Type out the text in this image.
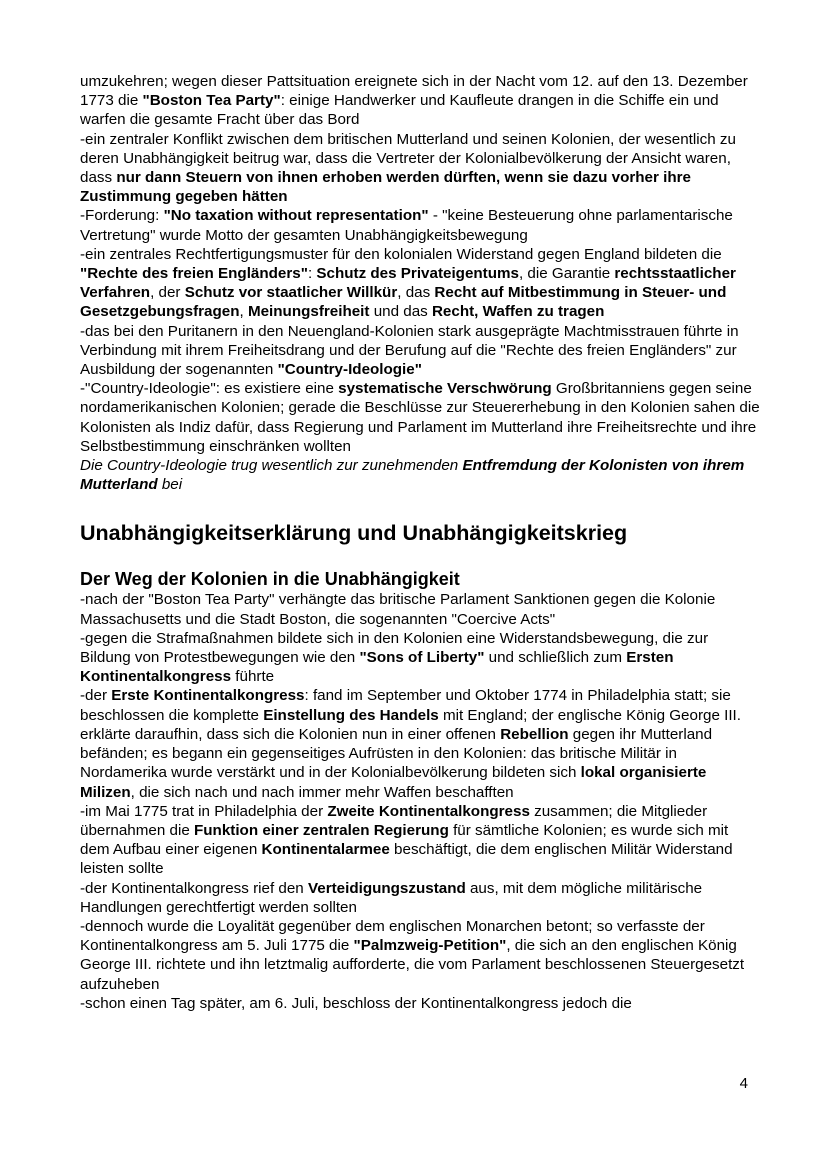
umzukehren; wegen dieser Pattsituation ereignete sich in der Nacht vom 12. auf den 13. Dezember 1773 die "Boston Tea Party": einige Handwerker und Kaufleute drangen in die Schiffe ein und warfen die gesamte Fracht über das Bord

-ein zentraler Konflikt zwischen dem britischen Mutterland und seinen Kolonien, der wesentlich zu deren Unabhängigkeit beitrug war, dass die Vertreter der Kolonialbevölkerung der Ansicht waren, dass nur dann Steuern von ihnen erhoben werden dürften, wenn sie dazu vorher ihre Zustimmung gegeben hätten

-Forderung: "No taxation without representation" - "keine Besteuerung ohne parlamentarische Vertretung" wurde Motto der gesamten Unabhängigkeitsbewegung

-ein zentrales Rechtfertigungsmuster für den kolonialen Widerstand gegen England bildeten die "Rechte des freien Engländers": Schutz des Privateigentums, die Garantie rechtsstaatlicher Verfahren, der Schutz vor staatlicher Willkür, das Recht auf Mitbestimmung in Steuer- und Gesetzgebungsfragen, Meinungsfreiheit und das Recht, Waffen zu tragen

-das bei den Puritanern in den Neuengland-Kolonien stark ausgeprägte Machtmisstrauen führte in Verbindung mit ihrem Freiheitsdrang und der Berufung auf die "Rechte des freien Engländers" zur Ausbildung der sogenannten "Country-Ideologie"

-"Country-Ideologie": es existiere eine systematische Verschwörung Großbritanniens gegen seine nordamerikanischen Kolonien; gerade die Beschlüsse zur Steuererhebung in den Kolonien sahen die Kolonisten als Indiz dafür, dass Regierung und Parlament im Mutterland ihre Freiheitsrechte und ihre Selbstbestimmung einschränken wollten

Die Country-Ideologie trug wesentlich zur zunehmenden Entfremdung der Kolonisten von ihrem Mutterland bei

Unabhängigkeitserklärung und Unabhängigkeitskrieg
Der Weg der Kolonien in die Unabhängigkeit

-nach der "Boston Tea Party" verhängte das britische Parlament Sanktionen gegen die Kolonie Massachusetts und die Stadt Boston, die sogenannten "Coercive Acts"

-gegen die Strafmaßnahmen bildete sich in den Kolonien eine Widerstandsbewegung, die zur Bildung von Protestbewegungen wie den "Sons of Liberty" und schließlich zum Ersten Kontinentalkongress führte

-der Erste Kontinentalkongress: fand im September und Oktober 1774 in Philadelphia statt; sie beschlossen die komplette Einstellung des Handels mit England; der englische König George III. erklärte daraufhin, dass sich die Kolonien nun in einer offenen Rebellion gegen ihr Mutterland befänden; es begann ein gegenseitiges Aufrüsten in den Kolonien: das britische Militär in Nordamerika wurde verstärkt und in der Kolonialbevölkerung bildeten sich lokal organisierte Milizen, die sich nach und nach immer mehr Waffen beschafften

-im Mai 1775 trat in Philadelphia der Zweite Kontinentalkongress zusammen; die Mitglieder übernahmen die Funktion einer zentralen Regierung für sämtliche Kolonien; es wurde sich mit dem Aufbau einer eigenen Kontinentalarmee beschäftigt, die dem englischen Militär Widerstand leisten sollte

-der Kontinentalkongress rief den Verteidigungszustand aus, mit dem mögliche militärische Handlungen gerechtfertigt werden sollten

-dennoch wurde die Loyalität gegenüber dem englischen Monarchen betont; so verfasste der Kontinentalkongress am 5. Juli 1775 die "Palmzweig-Petition", die sich an den englischen König George III. richtete und ihn letztmalig aufforderte, die vom Parlament beschlossenen Steuergesetzt aufzuheben

-schon einen Tag später, am 6. Juli, beschloss der Kontinentalkongress jedoch die

4
